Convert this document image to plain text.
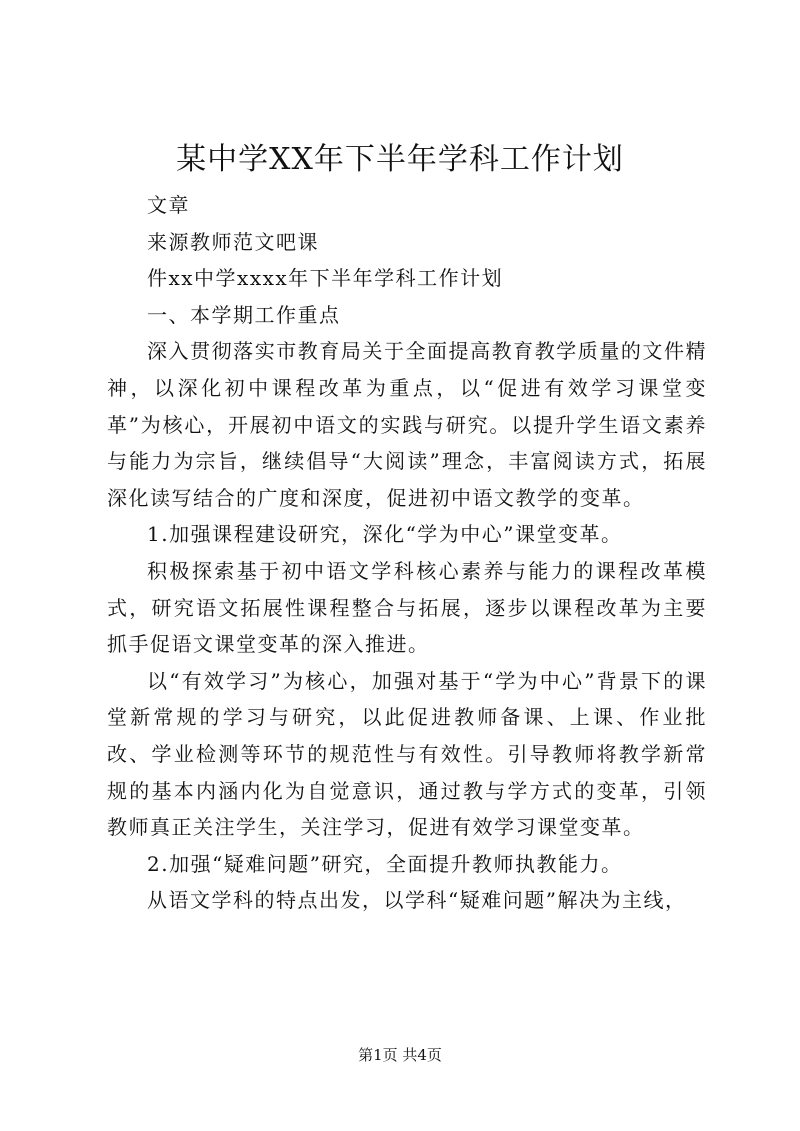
某中学XX年下半年学科工作计划

文章

来源教师范文吧课

件xx中学xxxx年下半年学科工作计划

一、本学期工作重点

深入贯彻落实市教育局关于全面提高教育教学质量的文件精神，以深化初中课程改革为重点，以“促进有效学习课堂变革”为核心，开展初中语文的实践与研究。以提升学生语文素养与能力为宗旨，继续倡导“大阅读”理念，丰富阅读方式，拓展深化读写结合的广度和深度，促进初中语文教学的变革。

1.加强课程建设研究，深化“学为中心”课堂变革。

积极探索基于初中语文学科核心素养与能力的课程改革模式，研究语文拓展性课程整合与拓展，逐步以课程改革为主要抓手促语文课堂变革的深入推进。

以“有效学习”为核心，加强对基于“学为中心”背景下的课堂新常规的学习与研究，以此促进教师备课、上课、作业批改、学业检测等环节的规范性与有效性。引导教师将教学新常规的基本内涵内化为自觉意识，通过教与学方式的变革，引领教师真正关注学生，关注学习，促进有效学习课堂变革。

2.加强“疑难问题”研究，全面提升教师执教能力。

从语文学科的特点出发，以学科“疑难问题”解决为主线，

第1页 共4页
